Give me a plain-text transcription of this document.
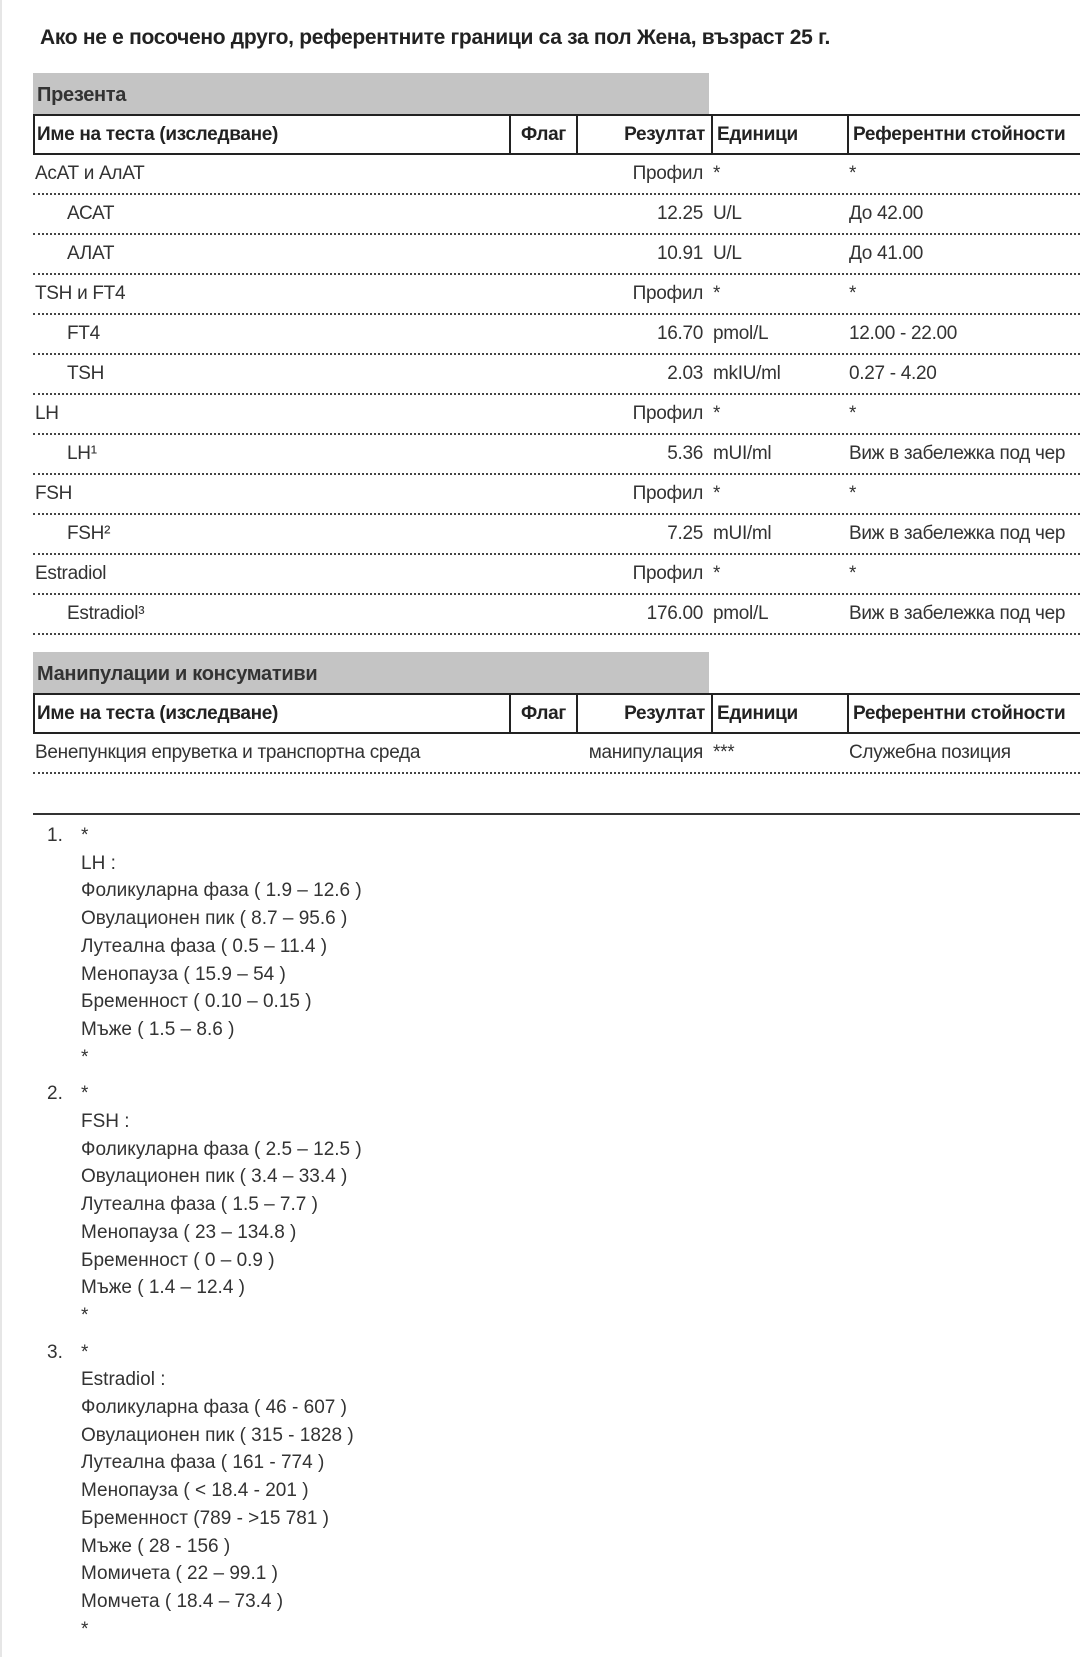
Ако не е посочено друго, референтните граници са за пол Жена, възраст 25 г.
Презента
Име на теста (изследване)	Флаг	Резултат Единици	Референтни стойности
АсАТ и АлАТ	Профил *	*
АСАТ	12.25 U/L	До 42.00
АЛАТ	10.91 U/L	До 41.00
TSH и FT4	Профил *	*
FT4	16.70 pmol/L	12.00 - 22.00
TSH	2.03 mkIU/ml	0.27 - 4.20
LH	Профил *	*
LH¹	5.36 mUI/ml	Виж в забележка под чер
FSH	Профил *	*
FSH²	7.25 mUI/ml	Виж в забележка под чер
Estradiol	Профил *	*
Estradiol³	176.00 pmol/L	Виж в забележка под чер
Манипулации и консумативи
Име на теста (изследване)	Флаг	Резултат Единици	Референтни стойности
Венепункция епруветка и транспортна среда	манипулация ***	Служебна позиция
1. *
LH :
Фоликуларна фаза ( 1.9 – 12.6 )
Овулационен пик ( 8.7 – 95.6 )
Лутеална фаза ( 0.5 – 11.4 )
Менопауза ( 15.9 – 54 )
Бременност ( 0.10 – 0.15 )
Мъже ( 1.5 – 8.6 )
*
2. *
FSH :
Фоликуларна фаза ( 2.5 – 12.5 )
Овулационен пик ( 3.4 – 33.4 )
Лутеална фаза ( 1.5 – 7.7 )
Менопауза ( 23 – 134.8 )
Бременност ( 0 – 0.9 )
Мъже ( 1.4 – 12.4 )
*
3. *
Estradiol :
Фоликуларна фаза ( 46 - 607 )
Овулационен пик ( 315 - 1828 )
Лутеална фаза ( 161 - 774 )
Менопауза ( < 18.4 - 201 )
Бременност (789 - >15 781 )
Мъже ( 28 - 156 )
Момичета ( 22 – 99.1 )
Момчета ( 18.4 – 73.4 )
*
